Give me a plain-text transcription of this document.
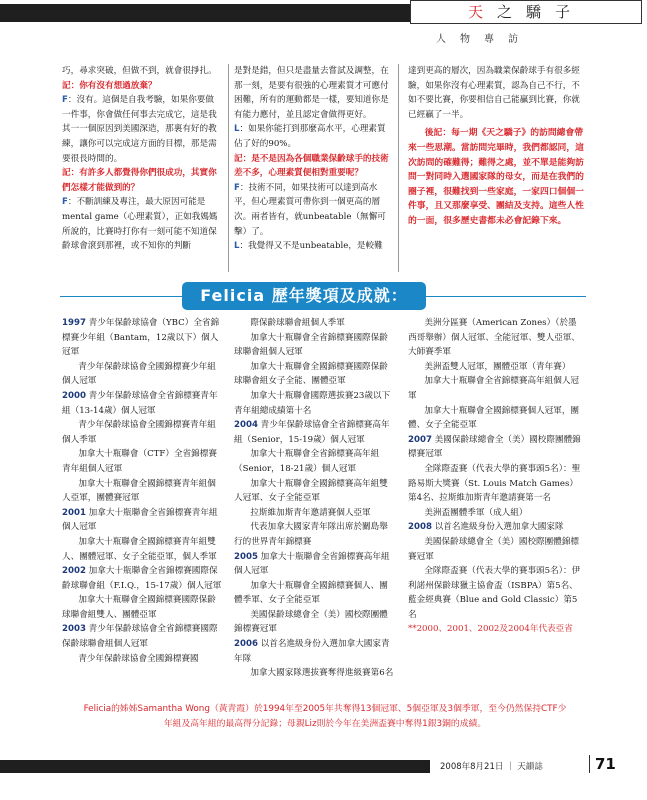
天之驕子
人物專訪

巧，尋求突破，但做不到，就會很掙扎。

記：你有沒有想過放棄？

F：沒有。這個是自我考驗，如果你要做一件事，你會做任何事去完成它，這是我其一一個原因到美國深造，那裏有好的教練，讓你可以完成這方面的目標，那是需要很長時間的。

記：有許多人都覺得你們很成功，其實你們怎樣才能做到的？

F：不斷訓練及專注，最大原因可能是mental game（心理素質），正如我媽媽所說的，比賽時打你有一刻可能不知道保齡球會滾到那裡，或不知你的判斷

是對是錯，但只是盡量去嘗試及調整，在那一刻，是要有很強的心理素質才可應付困難，所有的運動都是一樣，要知道你是有能力應付，並且認定會做得更好。

L：如果你能打到那麼高水平，心理素質佔了好的90%。

記：是不是因為各個職業保齡球手的技術差不多，心理素質便相對重要呢？

F：技術不同，如果技術可以達到高水平，但心理素質可帶你到一個更高的層次。兩者皆有，就unbeatable（無懈可擊）了。

L：我覺得又不是unbeatable，是較難

達到更高的層次，因為職業保齡球手有很多經驗，如果你沒有心理素質，認為自己不行，不如不要比賽，你要相信自己能贏到比賽，你就已經贏了一半。

後記：每一期《天之驕子》的訪問總會帶來一些思潮。當訪問完畢時，我們都認同，這次訪問的確難得；難得之處，並不單是能夠訪問一對同時入選國家隊的母女，而是在我們的圈子裡，很難找到一些家庭，一家四口個個一件事，且又那麼享受、團結及支持。這些人性的一面，很多歷史書都未必會記錄下來。

Felicia 歷年獎項及成就：

1997 青少年保齡球協會（YBC）全省錦標賽少年組（Bantam，12歲以下）個人冠軍

青少年保齡球協會全國錦標賽少年組個人冠軍

2000 青少年保齡球協會全省錦標賽青年組（13-14歲）個人冠軍

青少年保齡球協會全國錦標賽青年組個人季軍

加拿大十瓶聯會（CTF）全省錦標賽青年組個人冠軍

加拿大十瓶聯會全國錦標賽青年組個人亞軍，團體賽冠軍

2001 加拿大十瓶聯會全省錦標賽青年組個人冠軍

加拿大十瓶聯會全國錦標賽青年組雙人、團體冠軍、女子全能亞軍，個人季軍

2002 加拿大十瓶聯會全省錦標賽國際保齡球聯會組（F.I.Q.，15-17歲）個人冠軍

加拿大十瓶聯會全國錦標賽國際保齡球聯會組雙人、團體亞軍

2003 青少年保齡球協會全省錦標賽國際保齡球聯會組個人冠軍

青少年保齡球協會全國錦標賽國

際保齡球聯會組個人季軍

加拿大十瓶聯會全省錦標賽國際保齡球聯會組個人冠軍

加拿大十瓶聯會全國錦標賽國際保齡球聯會組女子全能、團體亞軍

加拿大十瓶聯會國際選拔賽23歲以下青年組總成績第十名

2004 青少年保齡球協會全省錦標賽高年組（Senior，15-19歲）個人冠軍

加拿大十瓶聯會全省錦標賽高年組（Senior，18-21歲）個人冠軍

加拿大十瓶聯會全國錦標賽高年組雙人冠軍、女子全能亞軍

拉斯維加斯青年邀請賽個人亞軍

代表加拿大國家青年隊出席於關島舉行的世界青年錦標賽

2005 加拿大十瓶聯會全省錦標賽高年組個人冠軍

加拿大十瓶聯會全國錦標賽個人、團體季軍、女子全能亞軍

美國保齡球總會全（美）國校際團體錦標賽冠軍

2006 以首名進級身份入選加拿大國家青年隊

加拿大國家隊選拔賽奪得進級賽第6名

美洲分區賽（American Zones）（於墨西哥舉辦）個人冠軍、全能冠軍、雙人亞軍、大師賽季軍

美洲盃雙人冠軍，團體亞軍（青年賽）

加拿大十瓶聯會全省錦標賽高年組個人冠軍

加拿大十瓶聯會全國錦標賽個人冠軍，團體、女子全能亞軍

2007 美國保齡球總會全（美）國校際團體錦標賽冠軍

全隊際盃賽（代表大學的賽事頭5名）：聖路易斯大獎賽（St. Louis Match Games）第4名、拉斯維加斯青年邀請賽第一名

美洲盃團體季軍（成人組）

2008 以首名進級身份入選加拿大國家隊

美國保齡球總會全（美）國校際團體錦標賽冠軍

全隊際盃賽（代表大學的賽事頭5名）：伊利諾州保齡球獵主協會盃（ISBPA）第5名、藍金經典賽（Blue and Gold Classic）第5名

**2000、2001、2002及2004年代表亞省

Felicia的姊姊Samantha Wong（黃青霞）於1994年至2005年共奪得13個冠軍、5個亞軍及3個季軍，至今仍然保持CTF少年組及高年組的最高得分記錄；母親Liz則於今年在美洲盃賽中奪得1銀3銅的成績。
2008年8月21日 ｜ 天韻誌	71
